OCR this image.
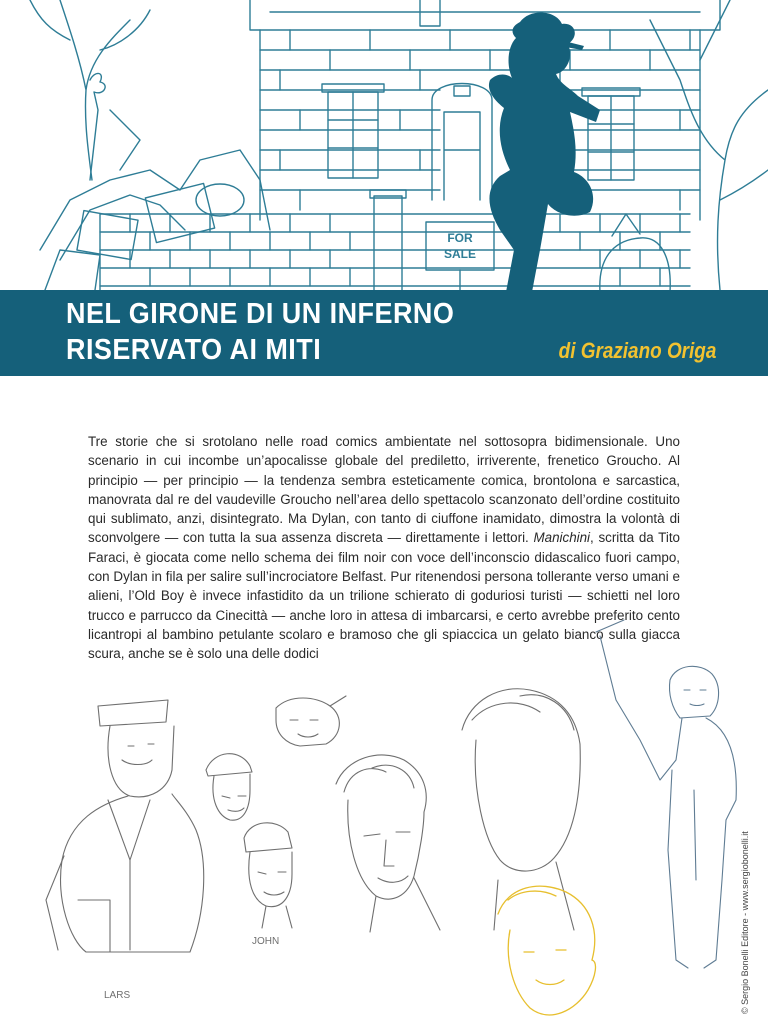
FOR
SALE
NEL GIRONE DI UN INFERNO
RISERVATO AI MITI	di Graziano Origa

Tre storie che si srotolano nelle road comics ambientate nel sottosopra bidimensionale. Uno scenario in cui incombe un’apocalisse globale del prediletto, irriverente, frenetico Groucho. Al principio — per principio — la tendenza sembra esteticamente comica, brontolona e sarcastica, manovrata dal re del vaudeville Groucho nell’area dello spettacolo scanzonato dell’ordine costituito qui sublimato, anzi, disintegrato. Ma Dylan, con tanto di ciuffone inamidato, dimostra la volontà di sconvolgere — con tutta la sua assenza discreta — direttamente i lettori. Manichini, scritta da Tito Faraci, è giocata come nello schema dei film noir con voce dell’inconscio didascalico fuori campo, con Dylan in fila per salire sull’incrociatore Belfast. Pur ritenendosi persona tollerante verso umani e alieni, l’Old Boy è invece infastidito da un trilione schierato di goduriosi turisti — schietti nel loro trucco e parrucco da Cinecittà — anche loro in attesa di imbarcarsi, e certo avrebbe preferito cento licantropi al bambino petulante scolaro e bramoso che gli spiaccica un gelato bianco sulla giacca scura, anche se è solo una delle dodici

LARS
JOHN	© Sergio Bonelli Editore - www.sergiobonelli.it
